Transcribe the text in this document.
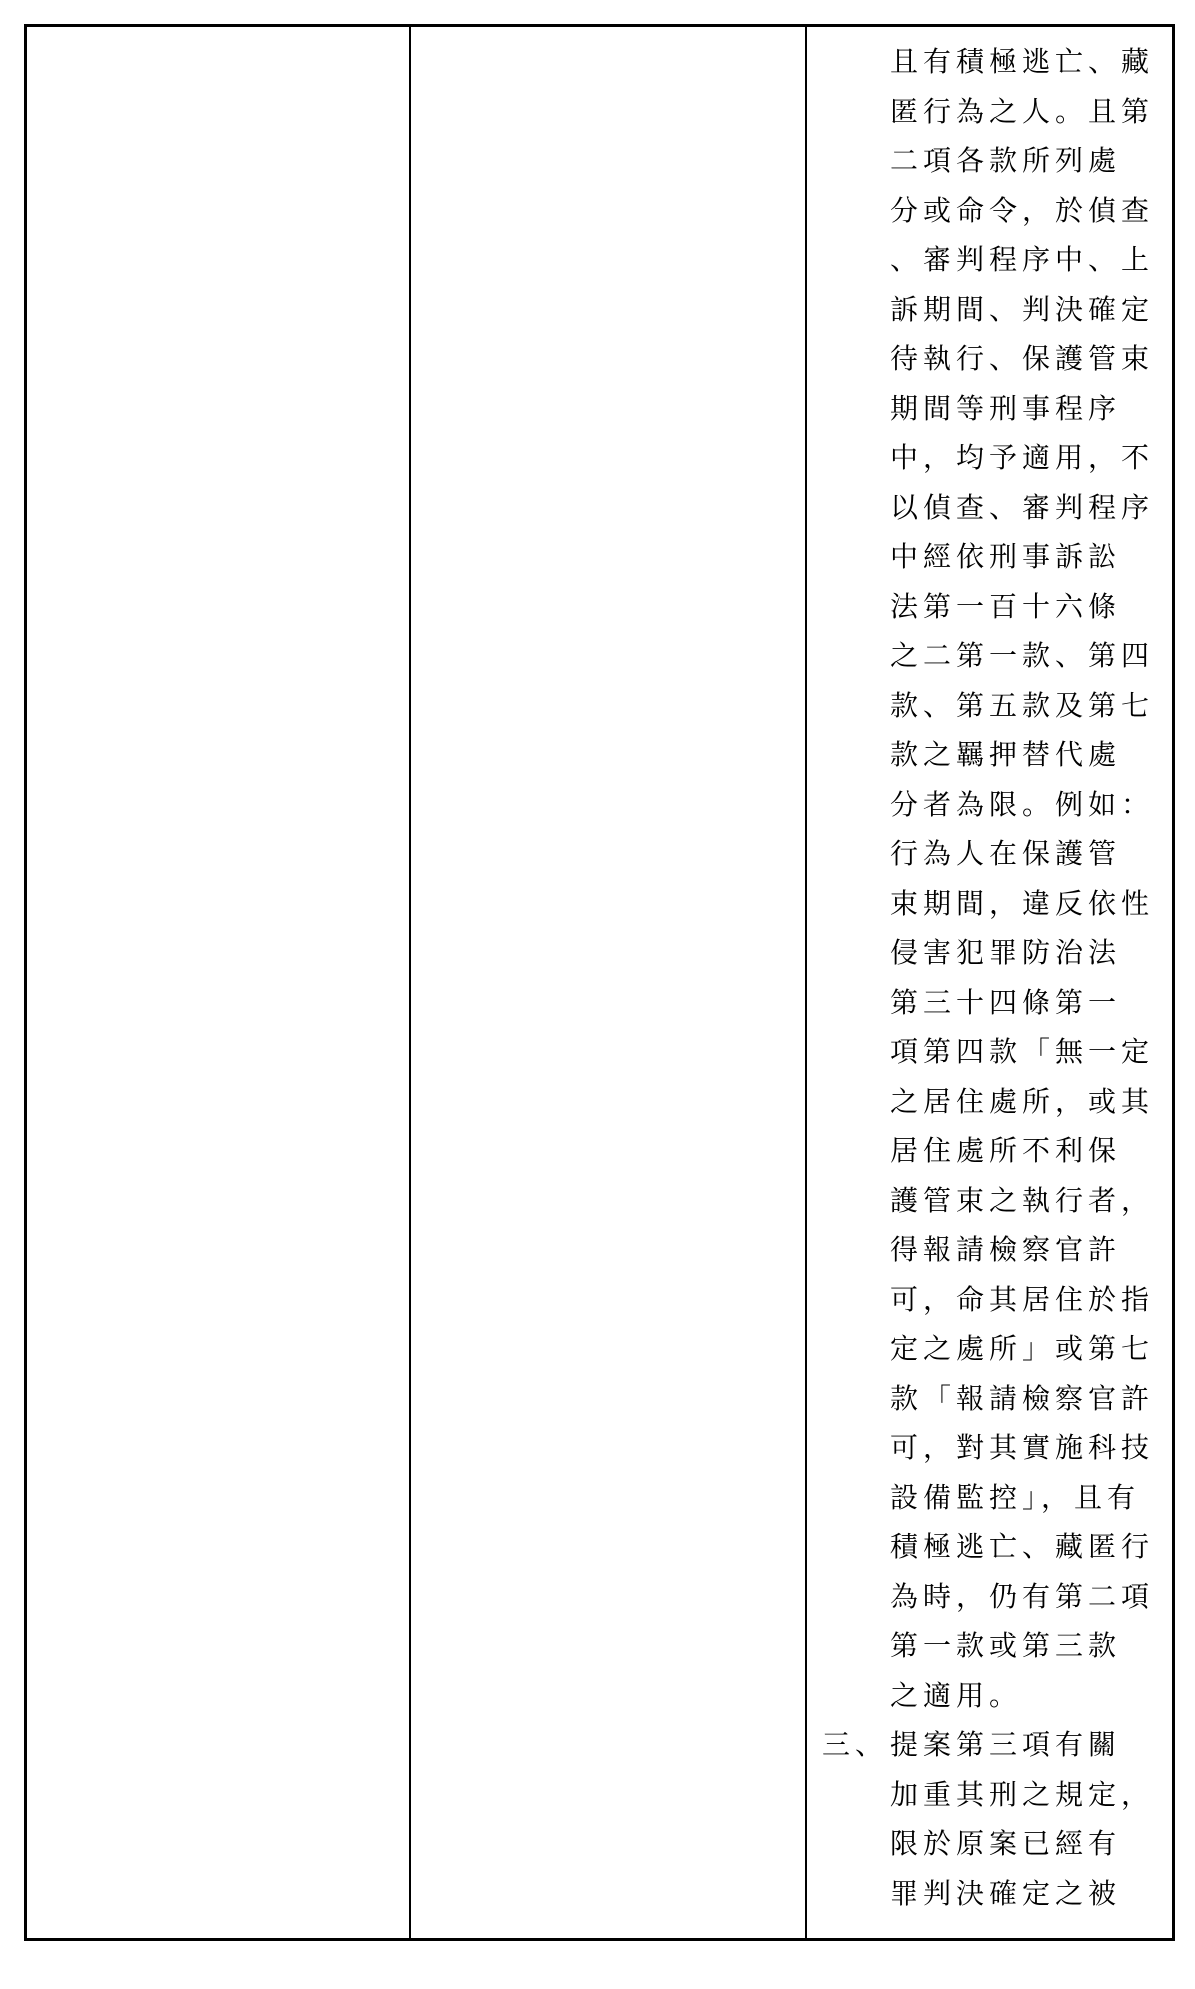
且有積極逃亡、藏
匿行為之人。且第
二項各款所列處
分或命令，於偵查
、審判程序中、上
訴期間、判決確定
待執行、保護管束
期間等刑事程序
中，均予適用，不
以偵查、審判程序
中經依刑事訴訟
法第一百十六條
之二第一款、第四
款、第五款及第七
款之羈押替代處
分者為限。例如：
行為人在保護管
束期間，違反依性
侵害犯罪防治法
第三十四條第一
項第四款「無一定
之居住處所，或其
居住處所不利保
護管束之執行者，
得報請檢察官許
可，命其居住於指
定之處所」或第七
款「報請檢察官許
可，對其實施科技
設備監控」，且有
積極逃亡、藏匿行
為時，仍有第二項
第一款或第三款
之適用。
三、 提案第三項有關
加重其刑之規定，
限於原案已經有
罪判決確定之被
